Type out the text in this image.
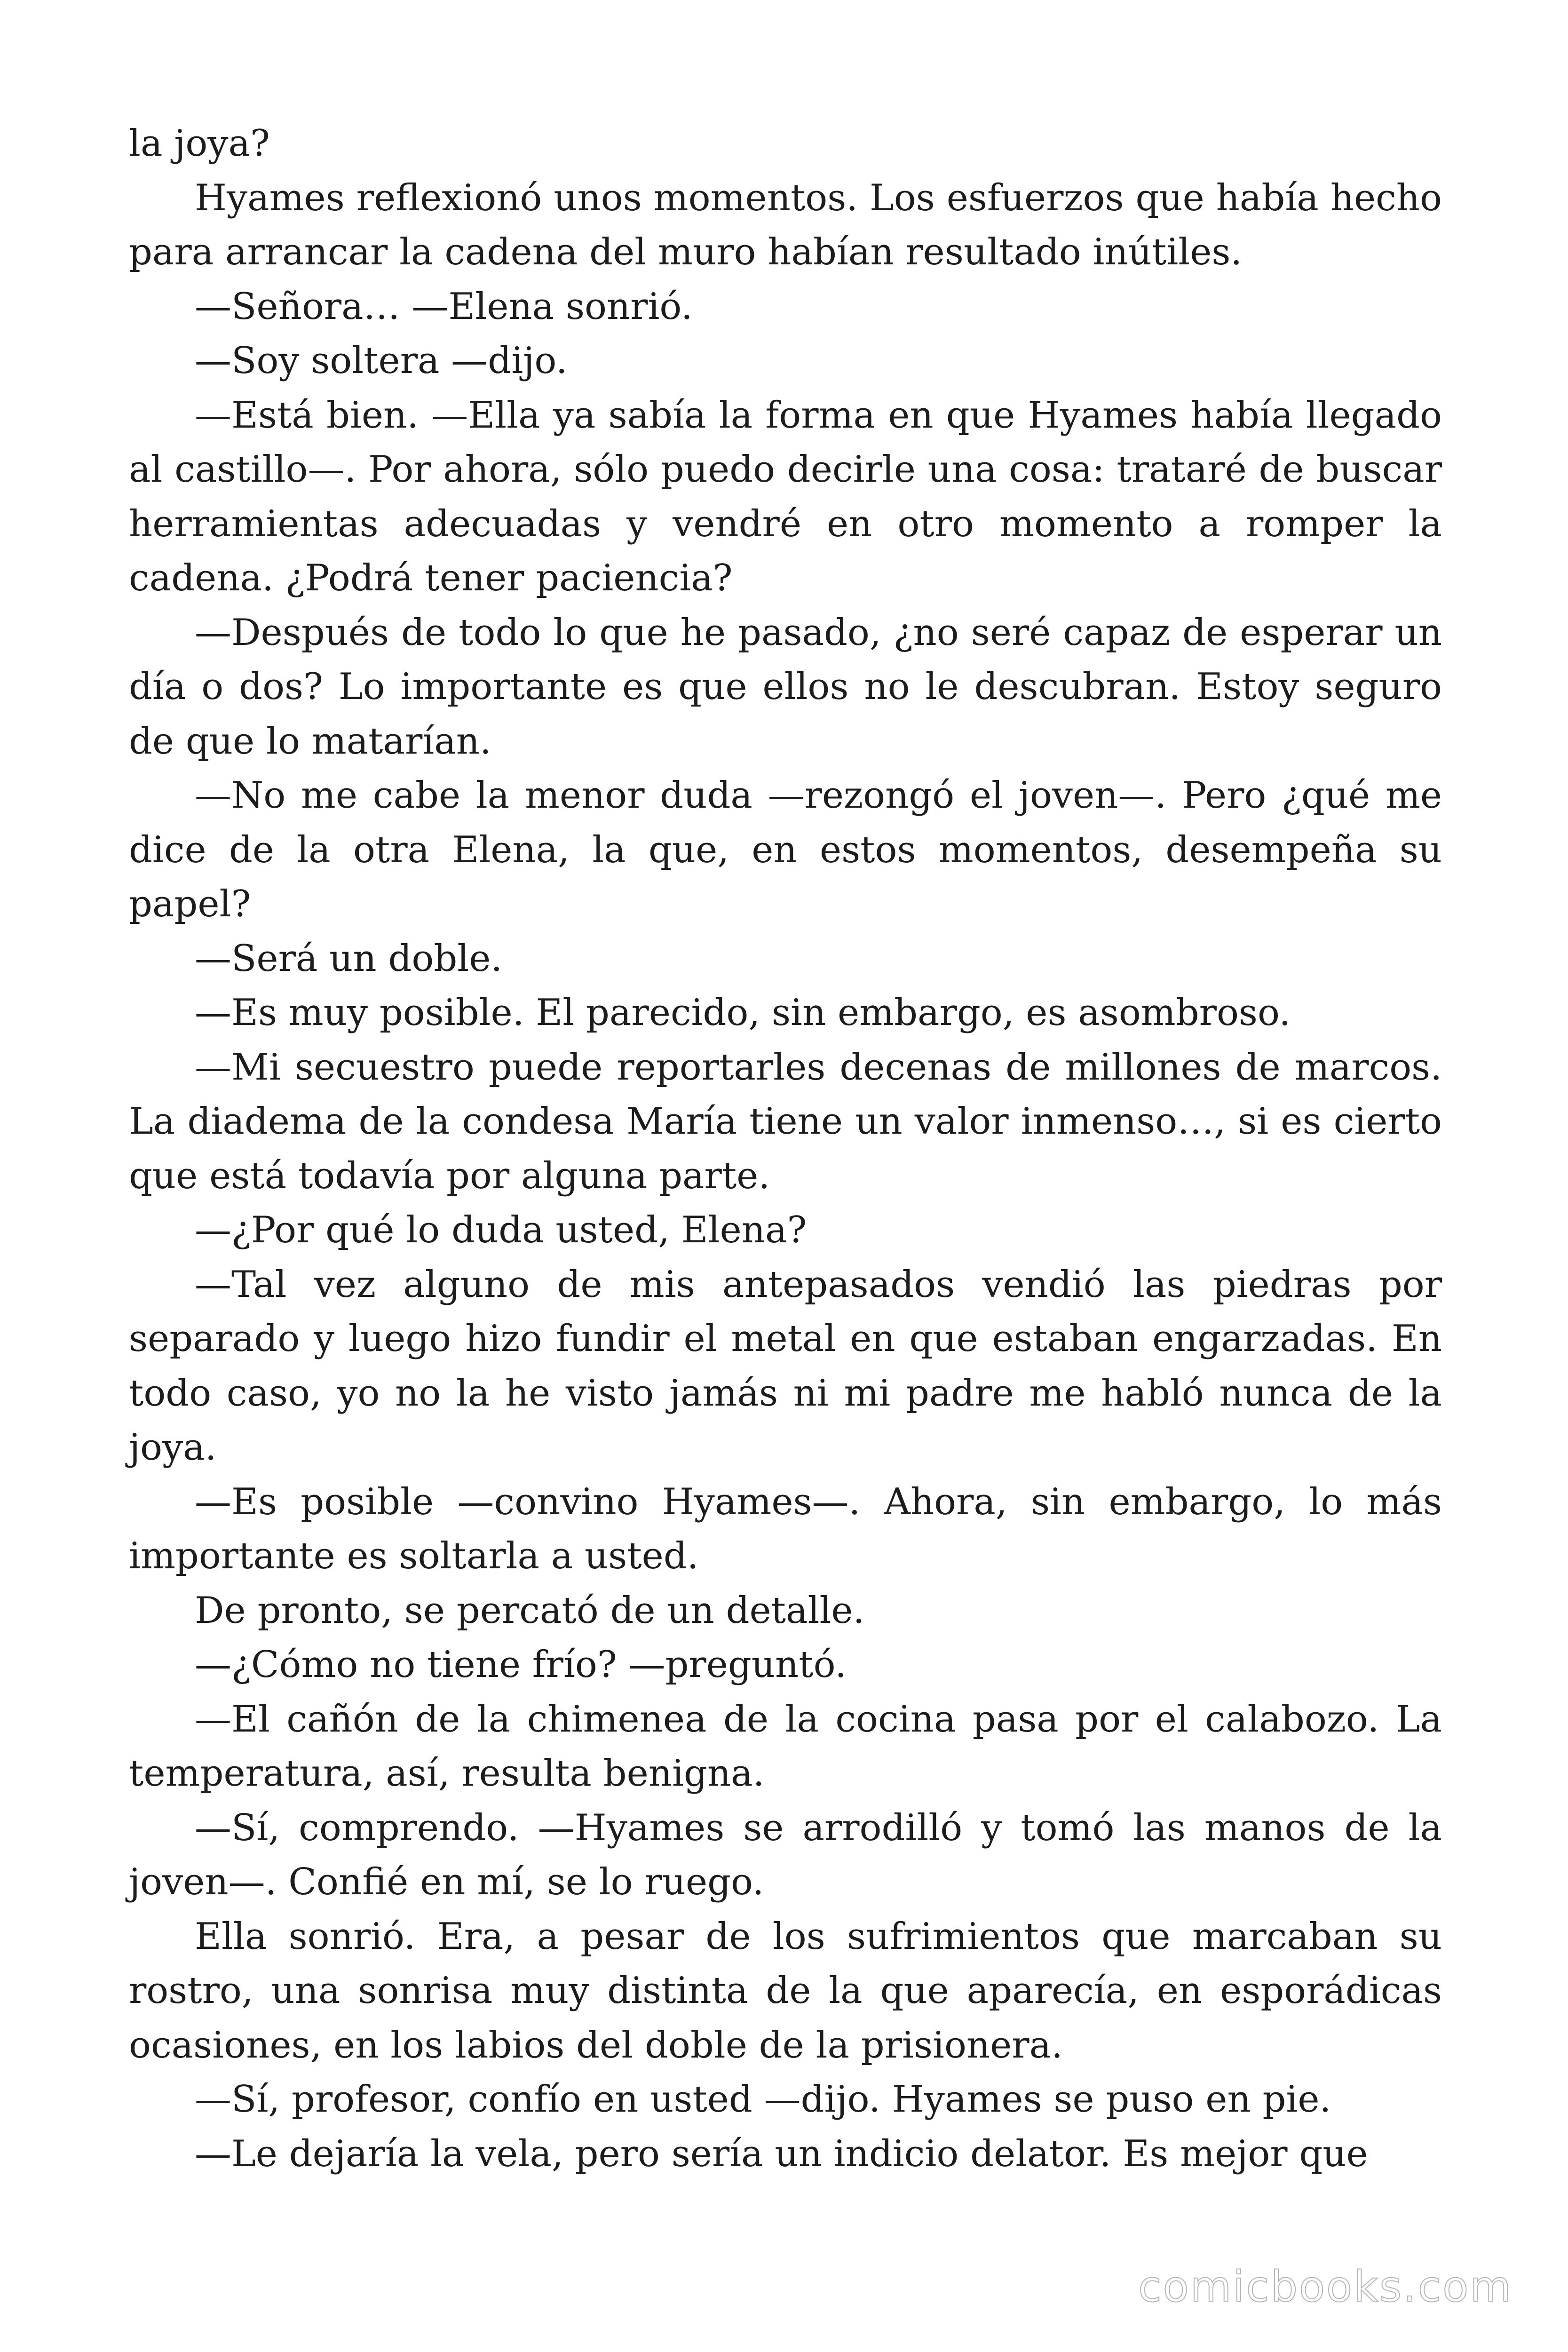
la joya?

Hyames reflexionó unos momentos. Los esfuerzos que había hecho para arrancar la cadena del muro habían resultado inútiles.

—Señora… —Elena sonrió.

—Soy soltera —dijo.

—Está bien. —Ella ya sabía la forma en que Hyames había llegado al castillo—. Por ahora, sólo puedo decirle una cosa: trataré de buscar herramientas adecuadas y vendré en otro momento a romper la cadena. ¿Podrá tener paciencia?

—Después de todo lo que he pasado, ¿no seré capaz de esperar un día o dos? Lo importante es que ellos no le descubran. Estoy seguro de que lo matarían.

—No me cabe la menor duda —rezongó el joven—. Pero ¿qué me dice de la otra Elena, la que, en estos momentos, desempeña su papel?

—Será un doble.

—Es muy posible. El parecido, sin embargo, es asombroso.

—Mi secuestro puede reportarles decenas de millones de marcos. La diadema de la condesa María tiene un valor inmenso…, si es cierto que está todavía por alguna parte.

—¿Por qué lo duda usted, Elena?

—Tal vez alguno de mis antepasados vendió las piedras por separado y luego hizo fundir el metal en que estaban engarzadas. En todo caso, yo no la he visto jamás ni mi padre me habló nunca de la joya.

—Es posible —convino Hyames—. Ahora, sin embargo, lo más importante es soltarla a usted.

De pronto, se percató de un detalle.

—¿Cómo no tiene frío? —preguntó.

—El cañón de la chimenea de la cocina pasa por el calabozo. La temperatura, así, resulta benigna.

—Sí, comprendo. —Hyames se arrodilló y tomó las manos de la joven—. Confié en mí, se lo ruego.

Ella sonrió. Era, a pesar de los sufrimientos que marcaban su rostro, una sonrisa muy distinta de la que aparecía, en esporádicas ocasiones, en los labios del doble de la prisionera.

—Sí, profesor, confío en usted —dijo. Hyames se puso en pie.

—Le dejaría la vela, pero sería un indicio delator. Es mejor que

comicbooks.com
